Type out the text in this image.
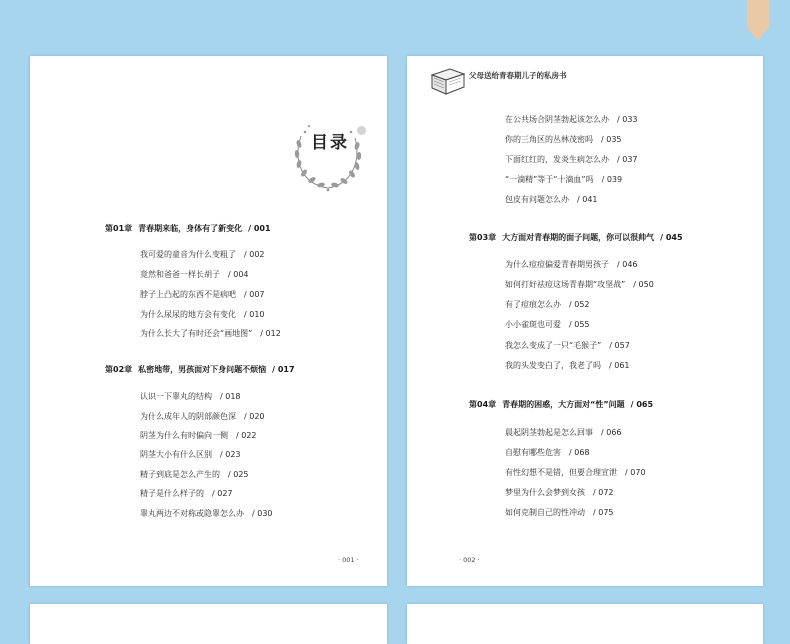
目录
第01章 青春期来临，身体有了新变化 / 001
我可爱的童音为什么变粗了 / 002
竟然和爸爸一样长胡子 / 004
脖子上凸起的东西不是病吧 / 007
为什么尿尿的地方会有变化 / 010
为什么长大了有时还会“画地图” / 012
第02章 私密地带，男孩面对下身问题不烦恼 / 017
认识一下睾丸的结构 / 018
为什么成年人的阴部颜色深 / 020
阴茎为什么有时偏向一侧 / 022
阴茎大小有什么区别 / 023
精子到底是怎么产生的 / 025
精子是什么样子的 / 027
睾丸两边不对称或隐睾怎么办 / 030
· 001 ·
父母送给青春期儿子的私房书
在公共场合阴茎勃起该怎么办 / 033
你的三角区的丛林茂密吗 / 035
下面红红的，发炎生病怎么办 / 037
“一滴精”等于“十滴血”吗 / 039
包皮有问题怎么办 / 041
第03章 大方面对青春期的面子问题，你可以很帅气 / 045
为什么痘痘偏爱青春期男孩子 / 046
如何打好祛痘这场青春期“攻坚战” / 050
有了痘痕怎么办 / 052
小小雀斑也可爱 / 055
我怎么变成了一只“毛猴子” / 057
我的头发变白了，我老了吗 / 061
第04章 青春期的困惑，大方面对“性”问题 / 065
晨起阴茎勃起是怎么回事 / 066
自慰有哪些危害 / 068
有性幻想不是错，但要合理宣泄 / 070
梦里为什么会梦到女孩 / 072
如何克制自己的性冲动 / 075
· 002 ·
